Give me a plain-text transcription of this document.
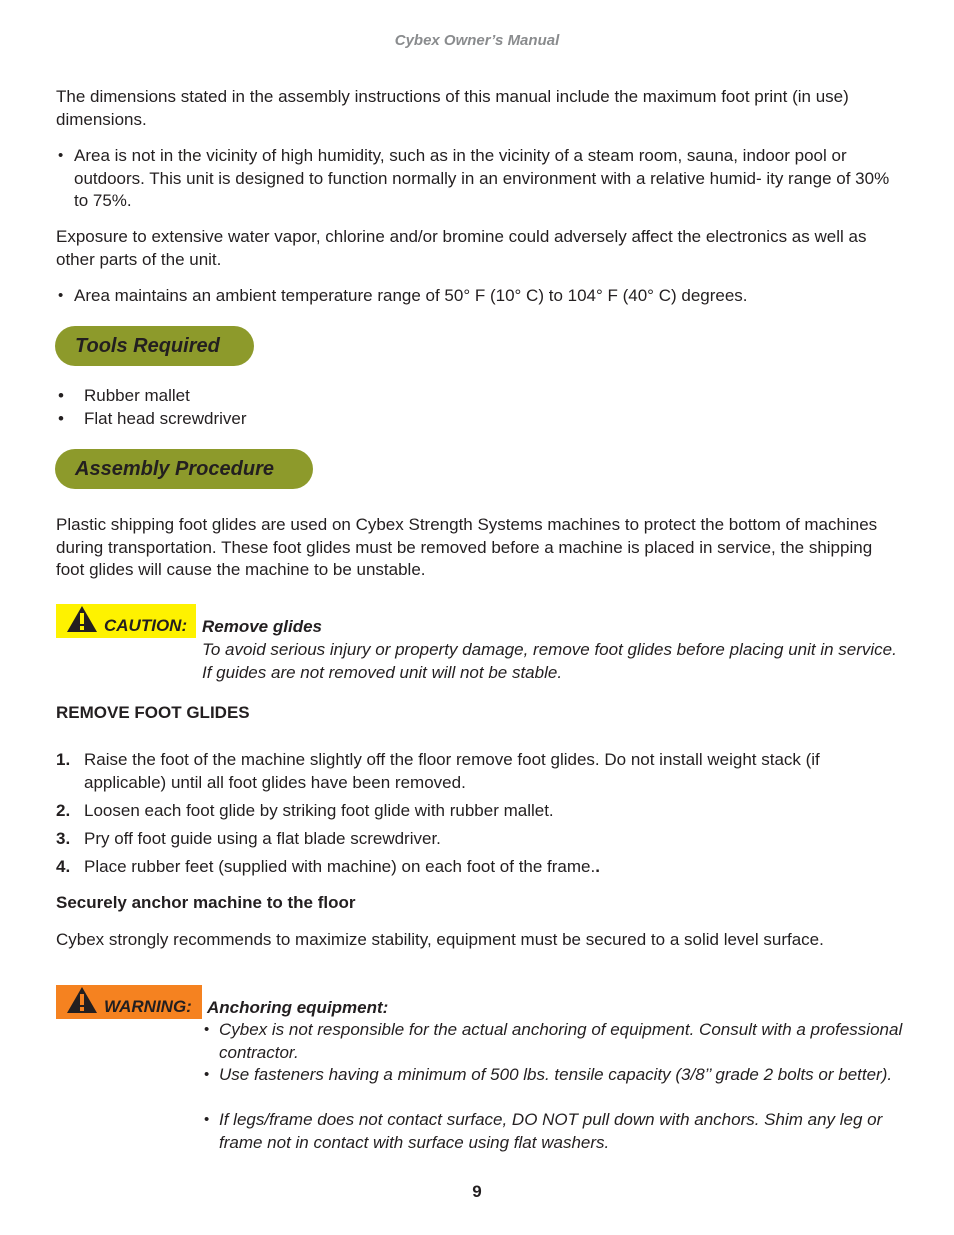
Cybex Owner’s Manual

The dimensions stated in the assembly instructions of this manual include the maximum foot print (in use) dimensions.

• Area is not in the vicinity of high humidity, such as in the vicinity of a steam room, sauna, indoor pool or outdoors. This unit is designed to function normally in an environment with a relative humid- ity range of 30% to 75%.

Exposure to extensive water vapor, chlorine and/or bromine could adversely affect the electronics as well as other parts of the unit.

• Area maintains an ambient temperature range of 50° F (10° C) to 104° F (40° C) degrees.
Tools Required
• Rubber mallet
• Flat head screwdriver
Assembly Procedure

Plastic shipping foot glides are used on Cybex Strength Systems machines to protect the bottom of machines during transportation. These foot glides must be removed before a machine is placed in service, the shipping foot glides will cause the machine to be unstable.

CAUTION: Remove glides
To avoid serious injury or property damage, remove foot glides before placing unit in service. If guides are not removed unit will not be stable.
REMOVE FOOT GLIDES
1. Raise the foot of the machine slightly off the floor remove foot glides. Do not install weight stack (if applicable) until all foot glides have been removed.
2. Loosen each foot glide by striking foot glide with rubber mallet.
3. Pry off foot guide using a flat blade screwdriver.
4. Place rubber feet (supplied with machine) on each foot of the frame..
Securely anchor machine to the floor

Cybex strongly recommends to maximize stability, equipment must be secured to a solid level surface.

WARNING: Anchoring equipment:
• Cybex is not responsible for the actual anchoring of equipment. Consult with a professional contractor.
• Use fasteners having a minimum of 500 lbs. tensile capacity (3/8’’ grade 2 bolts or better).
• If legs/frame does not contact surface, DO NOT pull down with anchors. Shim any leg or frame not in contact with surface using flat washers.
9
